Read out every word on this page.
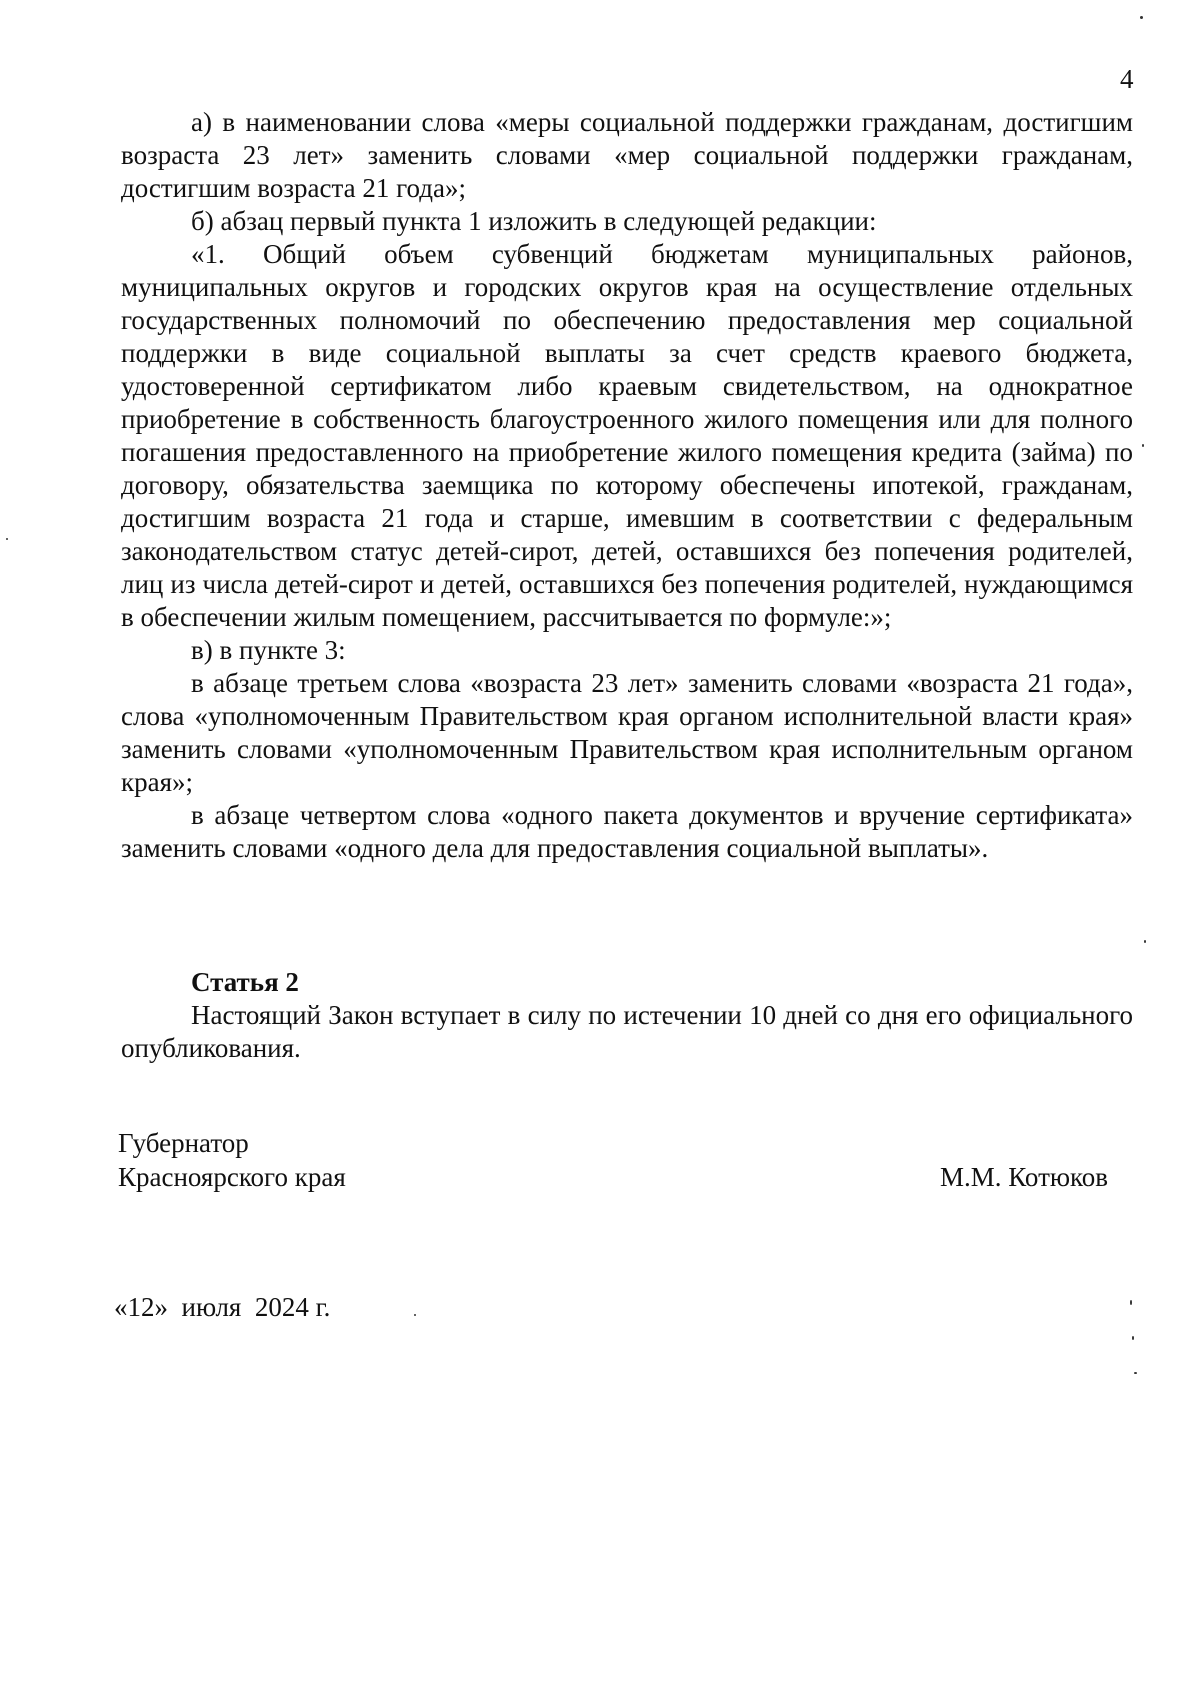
4

а) в наименовании слова «меры социальной поддержки гражданам, достигшим возраста 23 лет» заменить словами «мер социальной поддержки гражданам, достигшим возраста 21 года»;

б) абзац первый пункта 1 изложить в следующей редакции:

«1. Общий объем субвенций бюджетам муниципальных районов, муниципальных округов и городских округов края на осуществление отдельных государственных полномочий по обеспечению предоставления мер социальной поддержки в виде социальной выплаты за счет средств краевого бюджета, удостоверенной сертификатом либо краевым свидетельством, на однократное приобретение в собственность благоустроенного жилого помещения или для полного погашения предоставленного на приобретение жилого помещения кредита (займа) по договору, обязательства заемщика по которому обеспечены ипотекой, гражданам, достигшим возраста 21 года и старше, имевшим в соответствии с федеральным законодательством статус детей-сирот, детей, оставшихся без попечения родителей, лиц из числа детей-сирот и детей, оставшихся без попечения родителей, нуждающимся в обеспечении жилым помещением, рассчитывается по формуле:»;

в) в пункте 3:

в абзаце третьем слова «возраста 23 лет» заменить словами «возраста 21 года», слова «уполномоченным Правительством края органом исполнительной власти края» заменить словами «уполномоченным Правительством края исполнительным органом края»;

в абзаце четвертом слова «одного пакета документов и вручение сертификата» заменить словами «одного дела для предоставления социальной выплаты».

Статья 2

Настоящий Закон вступает в силу по истечении 10 дней со дня его официального опубликования.

Губернатор
Красноярского края	М.М. Котюков
«12»  июля  2024 г.
